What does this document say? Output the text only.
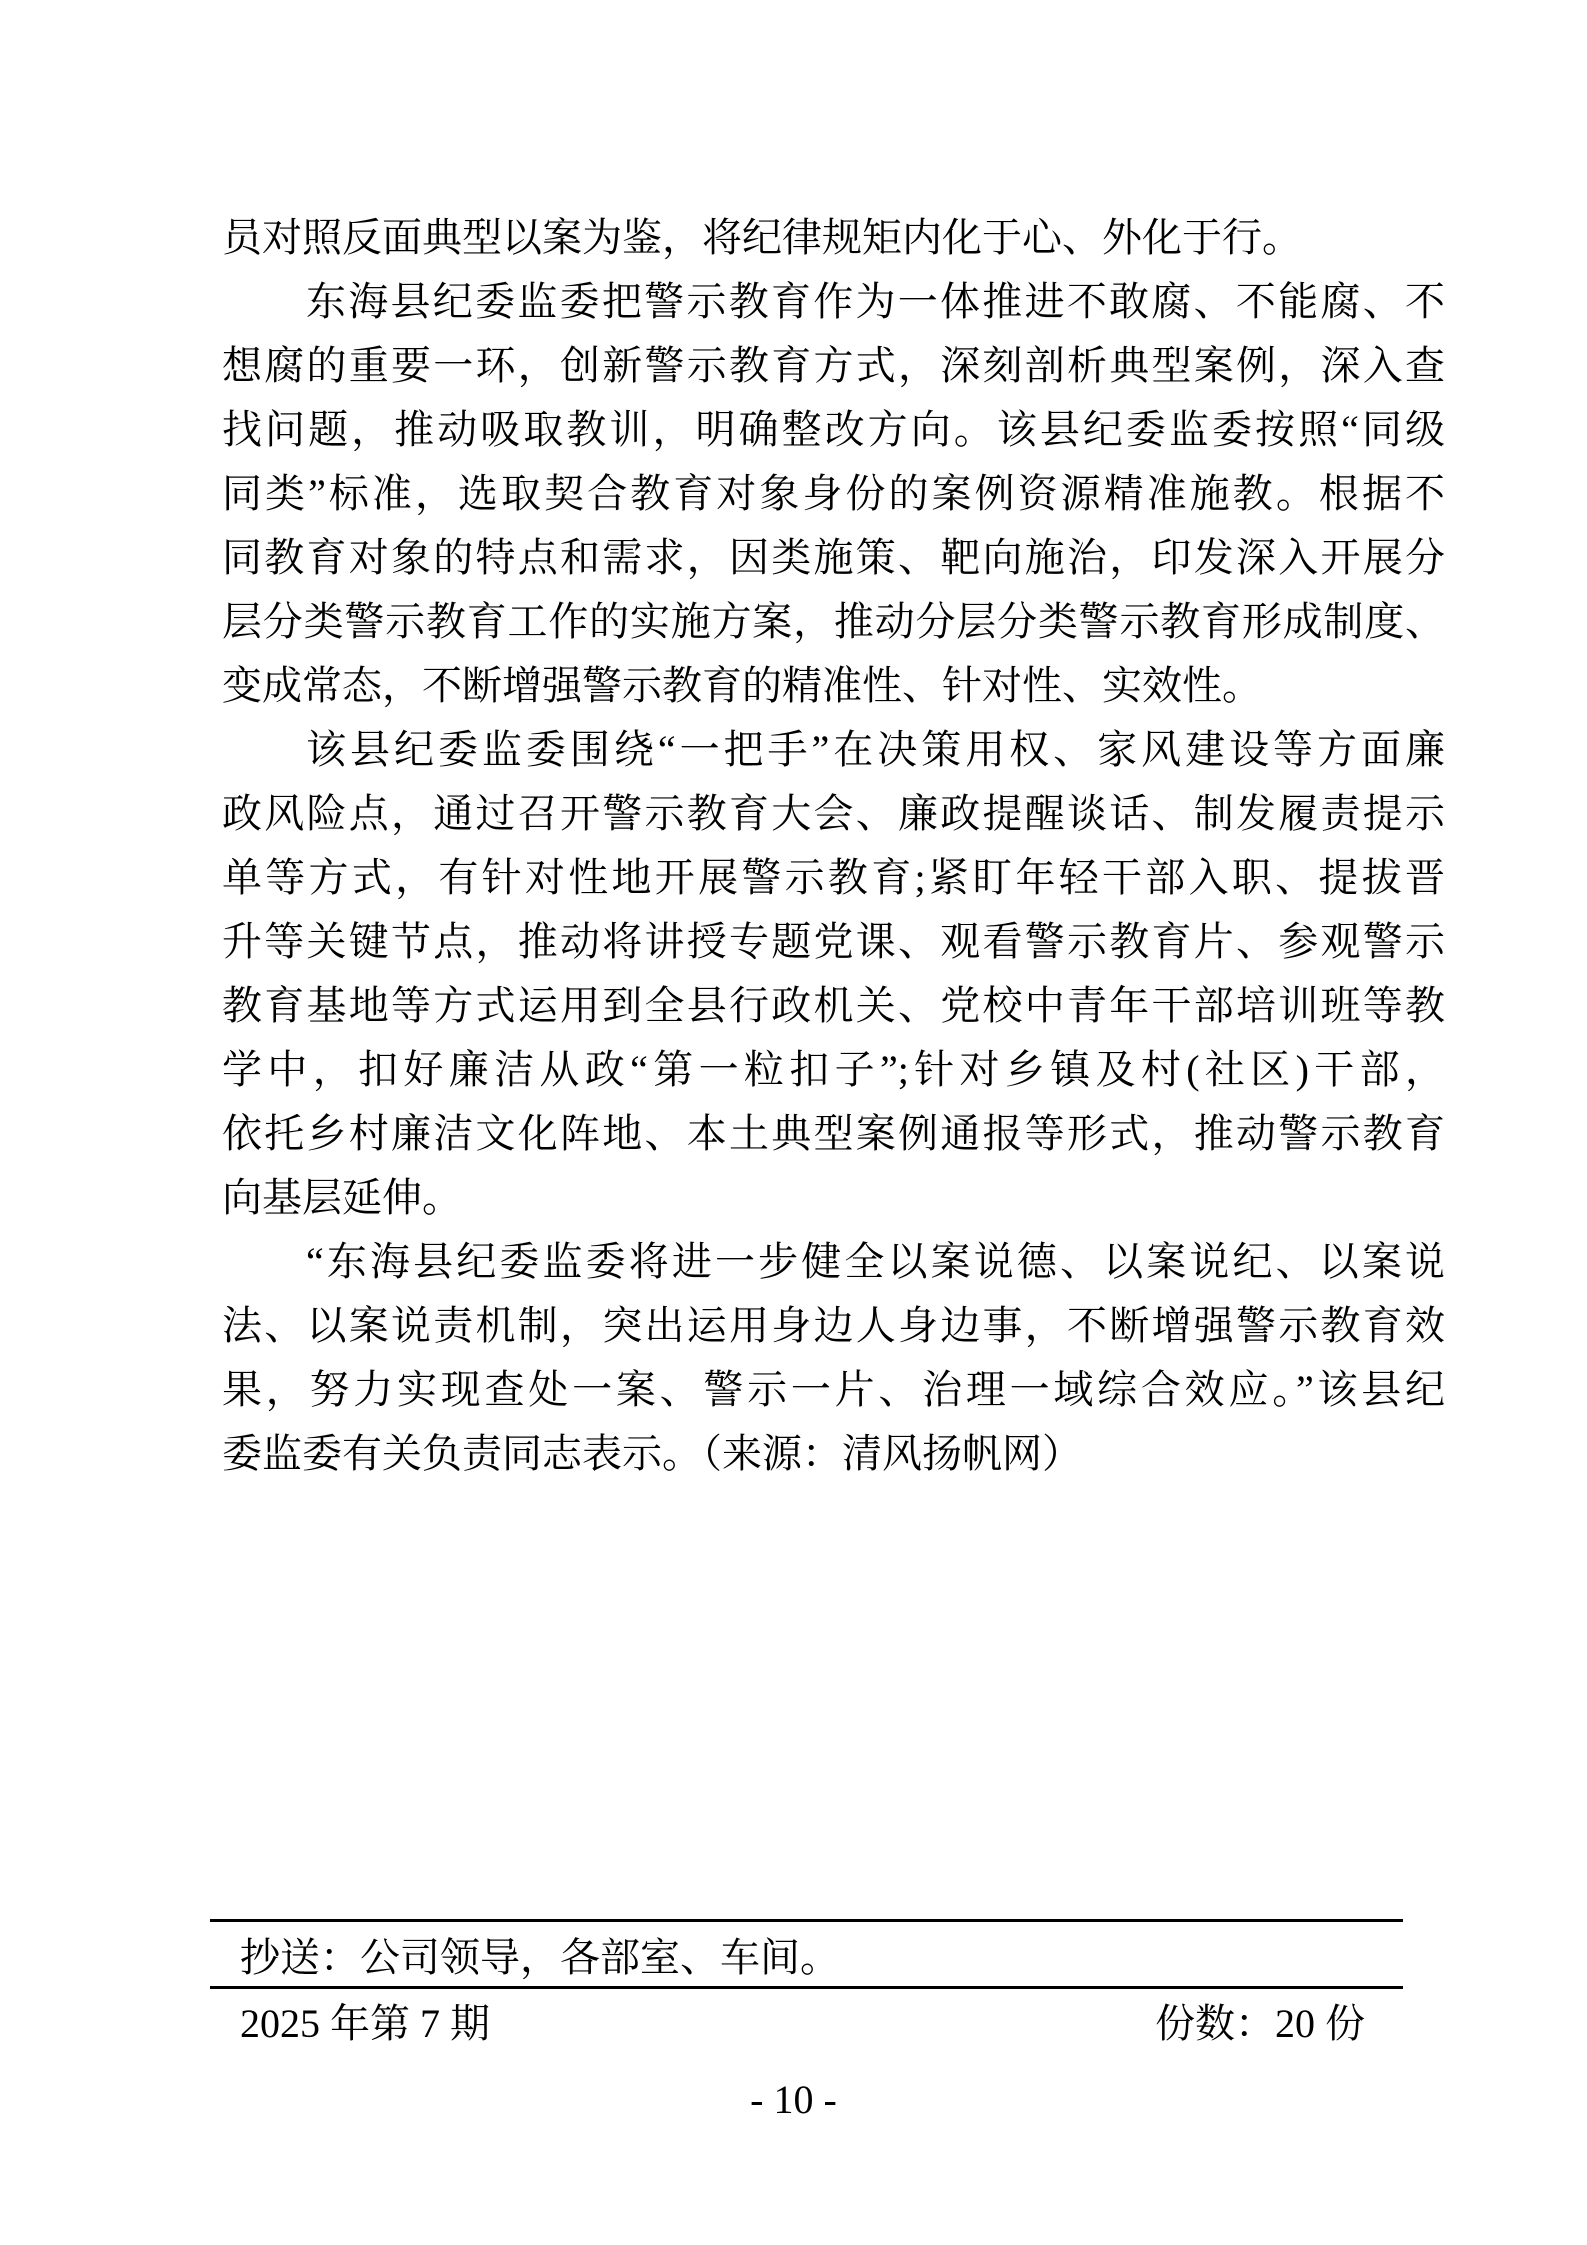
员对照反面典型以案为鉴，将纪律规矩内化于心、外化于行。
东海县纪委监委把警示教育作为一体推进不敢腐、不能腐、不
想腐的重要一环，创新警示教育方式，深刻剖析典型案例，深入查
找问题，推动吸取教训，明确整改方向。该县纪委监委按照“同级
同类”标准，选取契合教育对象身份的案例资源精准施教。根据不
同教育对象的特点和需求，因类施策、靶向施治，印发深入开展分
层分类警示教育工作的实施方案，推动分层分类警示教育形成制度、
变成常态，不断增强警示教育的精准性、针对性、实效性。
该县纪委监委围绕“一把手”在决策用权、家风建设等方面廉
政风险点，通过召开警示教育大会、廉政提醒谈话、制发履责提示
单等方式，有针对性地开展警示教育;紧盯年轻干部入职、提拔晋
升等关键节点，推动将讲授专题党课、观看警示教育片、参观警示
教育基地等方式运用到全县行政机关、党校中青年干部培训班等教
学中，扣好廉洁从政“第一粒扣子”;针对乡镇及村(社区)干部，
依托乡村廉洁文化阵地、本土典型案例通报等形式，推动警示教育
向基层延伸。
“东海县纪委监委将进一步健全以案说德、以案说纪、以案说
法、以案说责机制，突出运用身边人身边事，不断增强警示教育效
果，努力实现查处一案、警示一片、治理一域综合效应。”该县纪
委监委有关负责同志表示。（来源：清风扬帆网）
抄送：公司领导，各部室、车间。
2025 年第 7 期	份数：20 份
- 10 -
